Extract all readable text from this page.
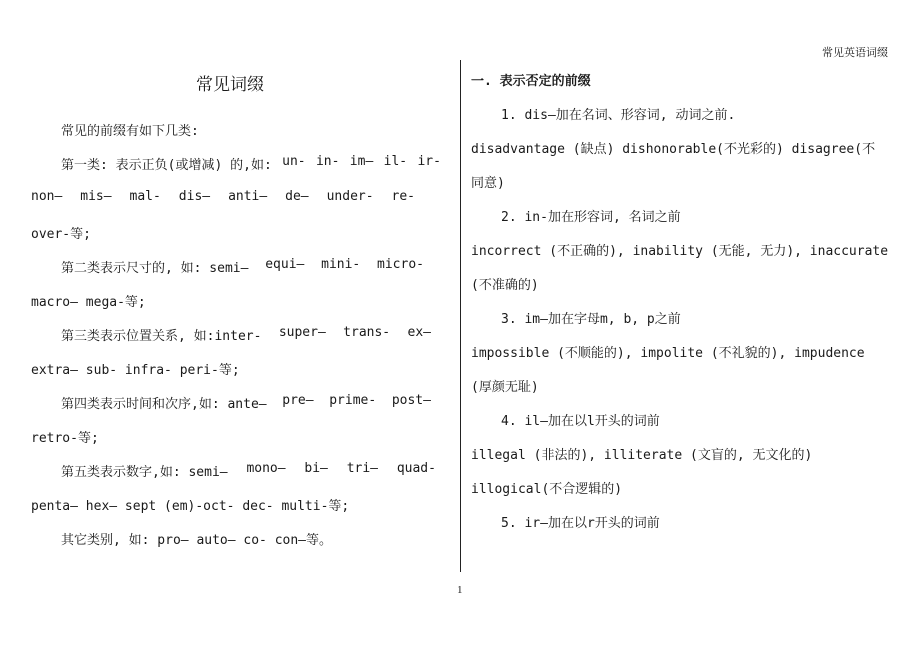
常见英语词缀
常见词缀
常见的前缀有如下几类:
第一类: 表示正负(或增减) 的,如: un- in- im— il- ir-
non— mis— mal- dis— anti— de— under- re-
over-等;
第二类表示尺寸的, 如: semi— equi— mini- micro-
macro— mega-等;
第三类表示位置关系, 如:inter- super— trans- ex—
extra— sub- infra- peri-等;
第四类表示时间和次序,如: ante— pre— prime- post—
retro-等;
第五类表示数字,如: semi— mono— bi— tri— quad-
penta— hex— sept (em)-oct- dec- multi-等;
其它类别, 如: pro— auto— co- con—等。
一. 表示否定的前缀
1. dis—加在名词、形容词, 动词之前.
disadvantage (缺点) dishonorable(不光彩的) disagree(不
同意)
2. in-加在形容词, 名词之前
incorrect (不正确的), inability (无能, 无力), inaccurate
(不准确的)
3. im—加在字母m, b, p之前
impossible (不顺能的), impolite (不礼貌的), impudence
(厚颜无耻)
4. il—加在以l开头的词前
illegal (非法的), illiterate (文盲的, 无文化的)
illogical(不合逻辑的)
5. ir—加在以r开头的词前
1
